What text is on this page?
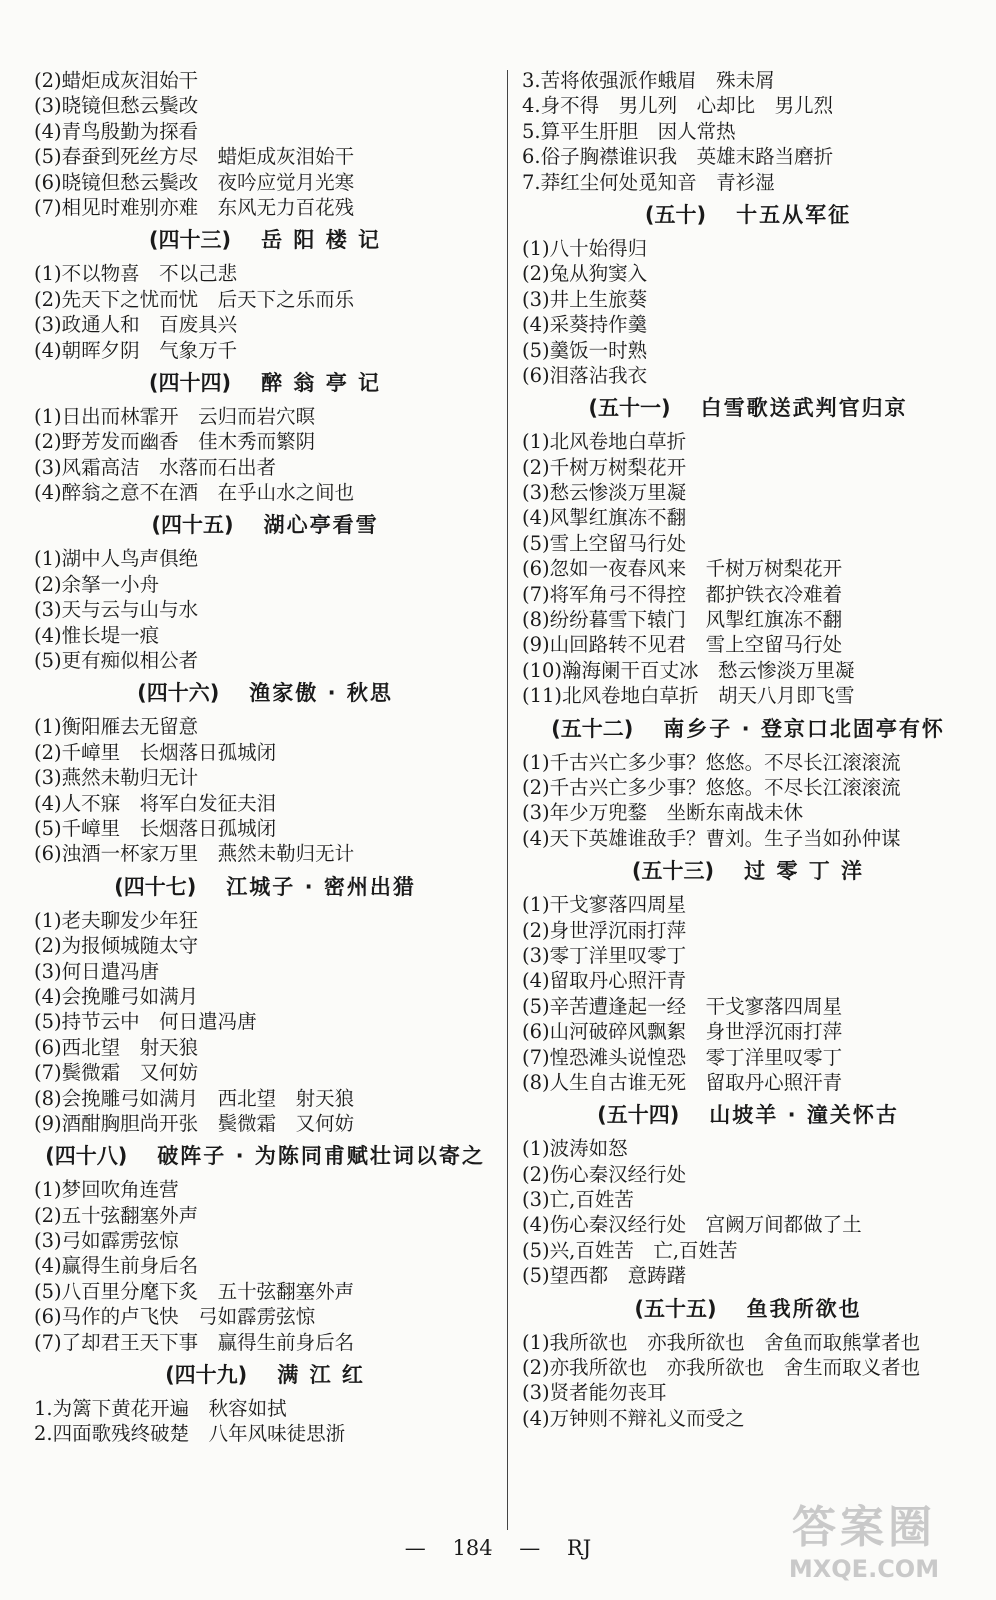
(2)蜡炬成灰泪始干
(3)晓镜但愁云鬓改
(4)青鸟殷勤为探看
(5)春蚕到死丝方尽　蜡炬成灰泪始干
(6)晓镜但愁云鬓改　夜吟应觉月光寒
(7)相见时难别亦难　东风无力百花残
(四十三) 岳 阳 楼 记
(1)不以物喜　不以己悲
(2)先天下之忧而忧　后天下之乐而乐
(3)政通人和　百废具兴
(4)朝晖夕阴　气象万千
(四十四) 醉 翁 亭 记
(1)日出而林霏开　云归而岩穴暝
(2)野芳发而幽香　佳木秀而繁阴
(3)风霜高洁　水落而石出者
(4)醉翁之意不在酒　在乎山水之间也
(四十五) 湖心亭看雪
(1)湖中人鸟声俱绝
(2)余拏一小舟
(3)天与云与山与水
(4)惟长堤一痕
(5)更有痴似相公者
(四十六) 渔家傲 · 秋思
(1)衡阳雁去无留意
(2)千嶂里　长烟落日孤城闭
(3)燕然未勒归无计
(4)人不寐　将军白发征夫泪
(5)千嶂里　长烟落日孤城闭
(6)浊酒一杯家万里　燕然未勒归无计
(四十七) 江城子 · 密州出猎
(1)老夫聊发少年狂
(2)为报倾城随太守
(3)何日遣冯唐
(4)会挽雕弓如满月
(5)持节云中　何日遣冯唐
(6)西北望　射天狼
(7)鬓微霜　又何妨
(8)会挽雕弓如满月　西北望　射天狼
(9)酒酣胸胆尚开张　鬓微霜　又何妨
(四十八) 破阵子 · 为陈同甫赋壮词以寄之
(1)梦回吹角连营
(2)五十弦翻塞外声
(3)弓如霹雳弦惊
(4)赢得生前身后名
(5)八百里分麾下炙　五十弦翻塞外声
(6)马作的卢飞快　弓如霹雳弦惊
(7)了却君王天下事　赢得生前身后名
(四十九) 满 江 红
1.为篱下黄花开遍　秋容如拭
2.四面歌残终破楚　八年风味徒思浙
3.苦将侬强派作蛾眉　殊未屑
4.身不得　男儿列　心却比　男儿烈
5.算平生肝胆　因人常热
6.俗子胸襟谁识我　英雄末路当磨折
7.莽红尘何处觅知音　青衫湿
(五十) 十五从军征
(1)八十始得归
(2)兔从狗窦入
(3)井上生旅葵
(4)采葵持作羹
(5)羹饭一时熟
(6)泪落沾我衣
(五十一) 白雪歌送武判官归京
(1)北风卷地白草折
(2)千树万树梨花开
(3)愁云惨淡万里凝
(4)风掣红旗冻不翻
(5)雪上空留马行处
(6)忽如一夜春风来　千树万树梨花开
(7)将军角弓不得控　都护铁衣冷难着
(8)纷纷暮雪下辕门　风掣红旗冻不翻
(9)山回路转不见君　雪上空留马行处
(10)瀚海阑干百丈冰　愁云惨淡万里凝
(11)北风卷地白草折　胡天八月即飞雪
(五十二) 南乡子 · 登京口北固亭有怀
(1)千古兴亡多少事？悠悠。不尽长江滚滚流
(2)千古兴亡多少事？悠悠。不尽长江滚滚流
(3)年少万兜鍪　坐断东南战未休
(4)天下英雄谁敌手？曹刘。生子当如孙仲谋
(五十三) 过 零 丁 洋
(1)干戈寥落四周星
(2)身世浮沉雨打萍
(3)零丁洋里叹零丁
(4)留取丹心照汗青
(5)辛苦遭逢起一经　干戈寥落四周星
(6)山河破碎风飘絮　身世浮沉雨打萍
(7)惶恐滩头说惶恐　零丁洋里叹零丁
(8)人生自古谁无死　留取丹心照汗青
(五十四) 山坡羊 · 潼关怀古
(1)波涛如怒
(2)伤心秦汉经行处
(3)亡,百姓苦
(4)伤心秦汉经行处　宫阙万间都做了土
(5)兴,百姓苦　亡,百姓苦
(5)望西都　意踌躇
(五十五) 鱼我所欲也
(1)我所欲也　亦我所欲也　舍鱼而取熊掌者也
(2)亦我所欲也　亦我所欲也　舍生而取义者也
(3)贤者能勿丧耳
(4)万钟则不辩礼义而受之
— 184 — RJ	答案圈
MXQE.COM
